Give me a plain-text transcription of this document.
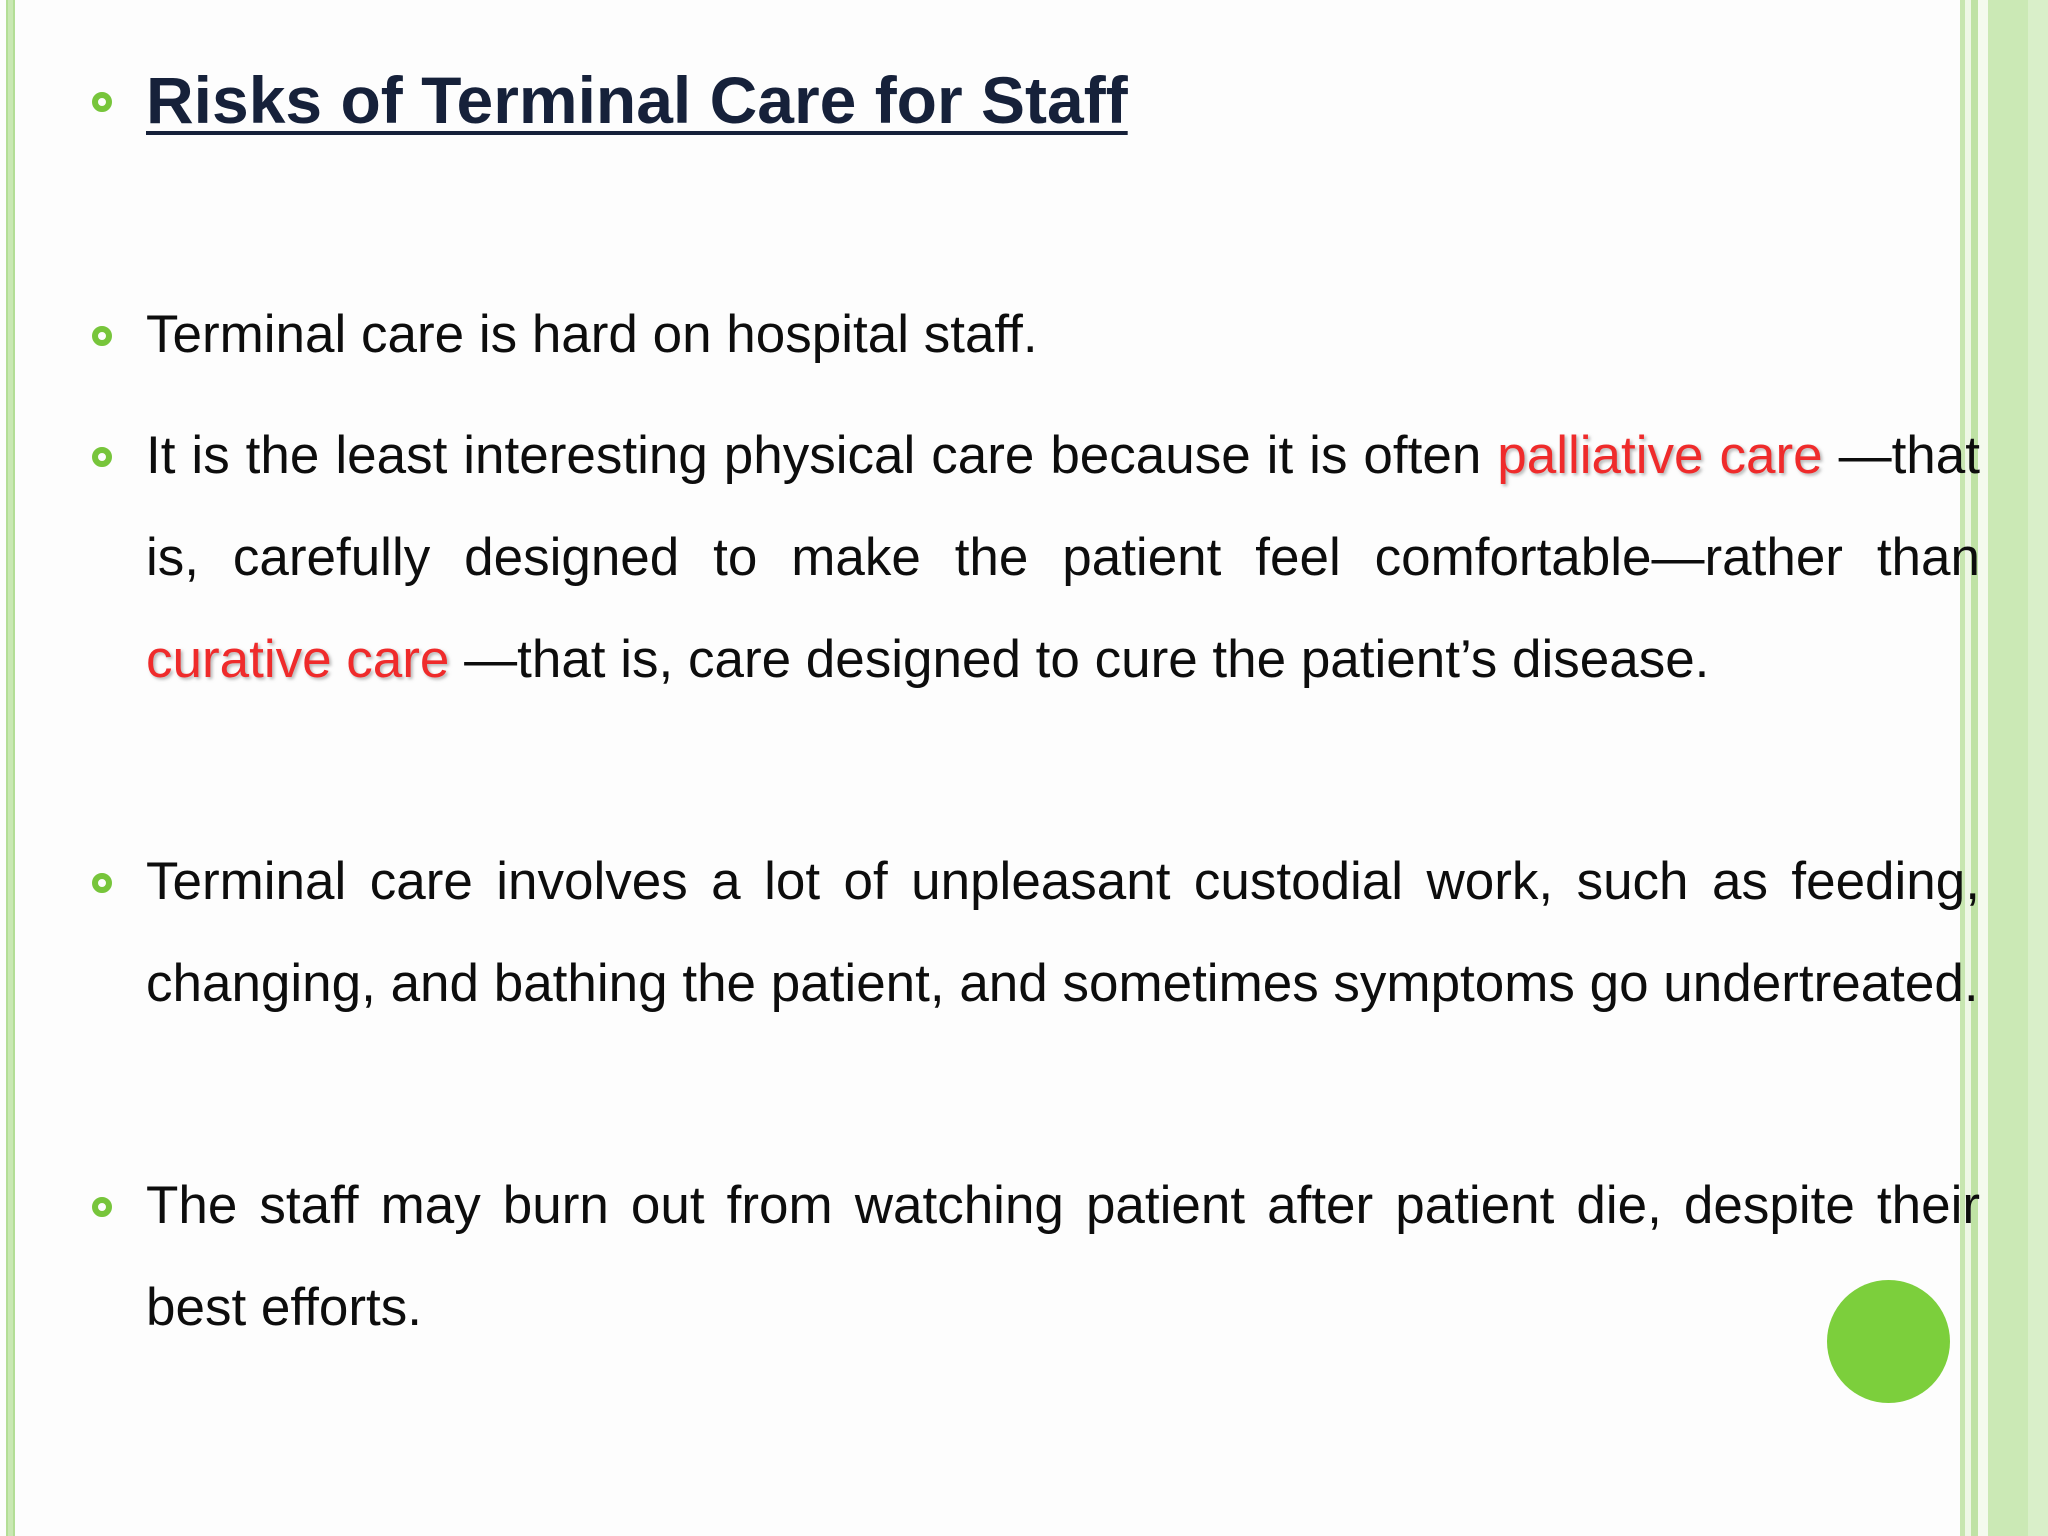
Risks of Terminal Care for Staff
Terminal care is hard on hospital staff.
It is the least interesting physical care because it is often palliative care —that is, carefully designed to make the patient feel comfortable—rather than curative care —that is, care designed to cure the patient’s disease.
Terminal care involves a lot of unpleasant custodial work, such as feeding, changing, and bathing the patient, and sometimes symptoms go undertreated.
The staff may burn out from watching patient after patient die, despite their best efforts.
